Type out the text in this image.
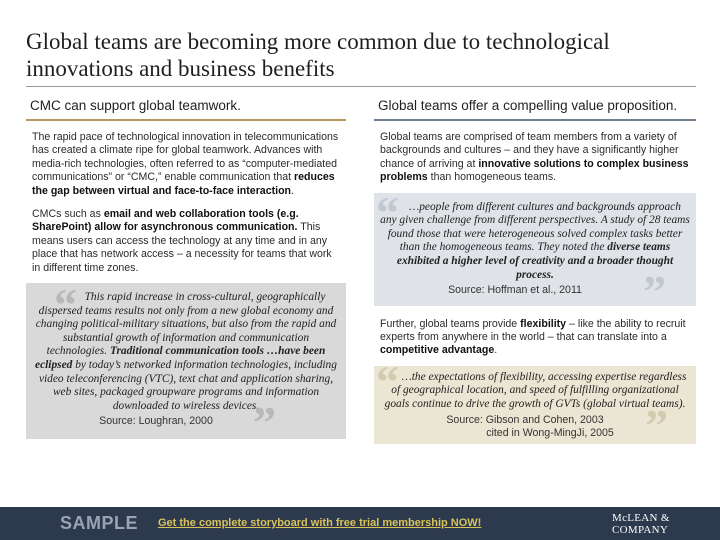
Global teams are becoming more common due to technological innovations and business benefits
CMC can support global teamwork.

The rapid pace of technological innovation in telecommunications has created a climate ripe for global teamwork. Advances with media-rich technologies, often referred to as “computer-mediated communications” or “CMC,” enable communication that reduces the gap between virtual and face-to-face interaction.

CMCs such as email and web collaboration tools (e.g. SharePoint) allow for asynchronous communication. This means users can access the technology at any time and in any place that has network access – a necessity for teams that work in different time zones.

“ This rapid increase in cross-cultural, geographically dispersed teams results not only from a new global economy and changing political-military situations, but also from the rapid and substantial growth of information and communication technologies. Traditional communication tools …have been eclipsed by today’s networked information technologies, including video teleconferencing (VTC), text chat and application sharing, web sites, packaged groupware programs and information downloaded to wireless devices.

Source: Loughran, 2000 ”
Global teams offer a compelling value proposition.

Global teams are comprised of team members from a variety of backgrounds and cultures – and they have a significantly higher chance of arriving at innovative solutions to complex business problems than homogeneous teams.

“ …people from different cultures and backgrounds approach any given challenge from different perspectives. A study of 28 teams found those that were heterogeneous solved complex tasks better than the homogeneous teams. They noted the diverse teams exhibited a higher level of creativity and a broader thought process.

Source: Hoffman et al., 2011	”

Further, global teams provide flexibility – like the ability to recruit experts from anywhere in the world – that can translate into a competitive advantage.

“ …the expectations of flexibility, accessing expertise regardless of geographical location, and speed of fulfilling organizational goals continue to drive the growth of GVTs (global virtual teams).

Source: Gibson and Cohen, 2003

cited in Wong-MingJi, 2005 ”
SAMPLE Get the complete storyboard with free trial membership NOW!	McLEAN &
COMPANY
